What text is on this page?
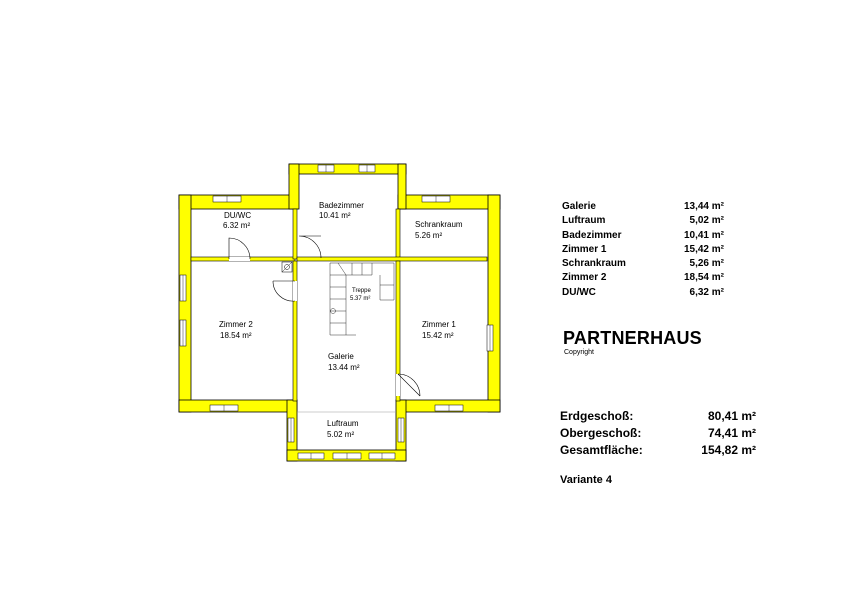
DU/WC
6.32 m²
Badezimmer
10.41 m²
Schrankraum
5.26 m²
Zimmer 2
18.54 m²
Treppe
5.37 m²
Zimmer 1
15.42 m²
Galerie
13.44 m²
Luftraum
5.02 m²
Galerie	13,44 m²
Luftraum	5,02 m²
Badezimmer	10,41 m²
Zimmer 1	15,42 m²
Schrankraum	5,26 m²
Zimmer 2	18,54 m²
DU/WC	6,32 m²
PARTNERHAUS
Copyright
Erdgeschoß:	80,41 m²
Obergeschoß:	74,41 m²
Gesamtfläche:	154,82 m²
Variante 4
